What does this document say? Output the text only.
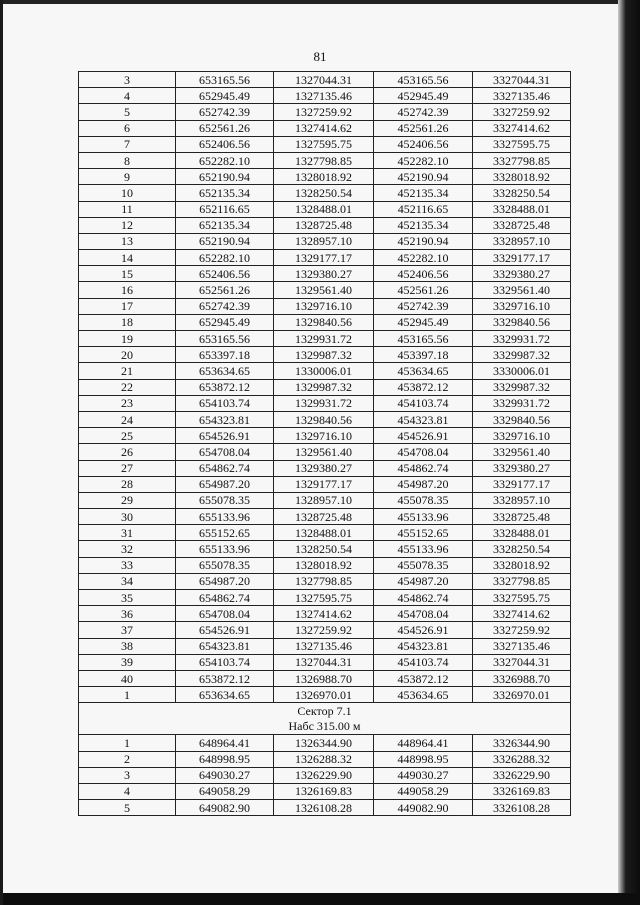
81
3	653165.56	1327044.31	453165.56	3327044.31
4	652945.49	1327135.46	452945.49	3327135.46
5	652742.39	1327259.92	452742.39	3327259.92
6	652561.26	1327414.62	452561.26	3327414.62
7	652406.56	1327595.75	452406.56	3327595.75
8	652282.10	1327798.85	452282.10	3327798.85
9	652190.94	1328018.92	452190.94	3328018.92
10	652135.34	1328250.54	452135.34	3328250.54
11	652116.65	1328488.01	452116.65	3328488.01
12	652135.34	1328725.48	452135.34	3328725.48
13	652190.94	1328957.10	452190.94	3328957.10
14	652282.10	1329177.17	452282.10	3329177.17
15	652406.56	1329380.27	452406.56	3329380.27
16	652561.26	1329561.40	452561.26	3329561.40
17	652742.39	1329716.10	452742.39	3329716.10
18	652945.49	1329840.56	452945.49	3329840.56
19	653165.56	1329931.72	453165.56	3329931.72
20	653397.18	1329987.32	453397.18	3329987.32
21	653634.65	1330006.01	453634.65	3330006.01
22	653872.12	1329987.32	453872.12	3329987.32
23	654103.74	1329931.72	454103.74	3329931.72
24	654323.81	1329840.56	454323.81	3329840.56
25	654526.91	1329716.10	454526.91	3329716.10
26	654708.04	1329561.40	454708.04	3329561.40
27	654862.74	1329380.27	454862.74	3329380.27
28	654987.20	1329177.17	454987.20	3329177.17
29	655078.35	1328957.10	455078.35	3328957.10
30	655133.96	1328725.48	455133.96	3328725.48
31	655152.65	1328488.01	455152.65	3328488.01
32	655133.96	1328250.54	455133.96	3328250.54
33	655078.35	1328018.92	455078.35	3328018.92
34	654987.20	1327798.85	454987.20	3327798.85
35	654862.74	1327595.75	454862.74	3327595.75
36	654708.04	1327414.62	454708.04	3327414.62
37	654526.91	1327259.92	454526.91	3327259.92
38	654323.81	1327135.46	454323.81	3327135.46
39	654103.74	1327044.31	454103.74	3327044.31
40	653872.12	1326988.70	453872.12	3326988.70
1	653634.65	1326970.01	453634.65	3326970.01

Сектор 7.1
Набс 315.00 м				

1	648964.41	1326344.90	448964.41	3326344.90
2	648998.95	1326288.32	448998.95	3326288.32
3	649030.27	1326229.90	449030.27	3326229.90
4	649058.29	1326169.83	449058.29	3326169.83
5	649082.90	1326108.28	449082.90	3326108.28
